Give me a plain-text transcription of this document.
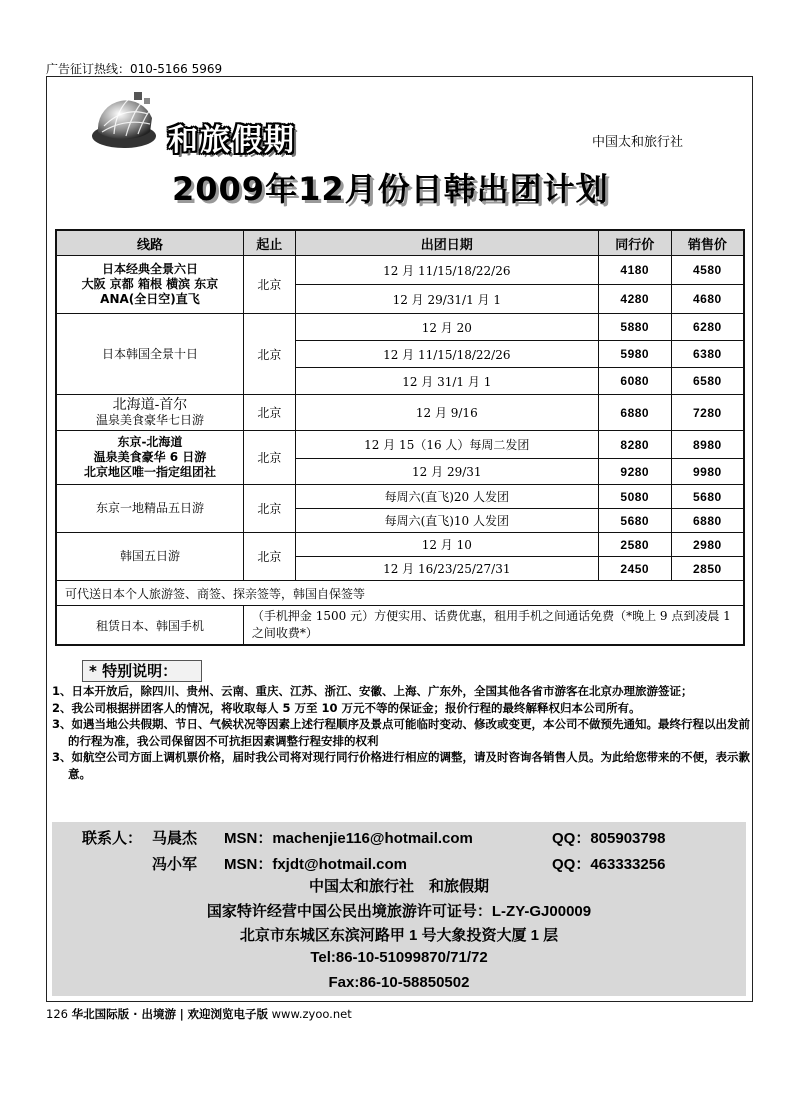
广告征订热线：010-5166 5969
和旅假期	中国太和旅行社
2009年12月份日韩出团计划
线路	起止	出团日期	同行价	销售价

日本经典全景六日
大阪 京都 箱根 横滨 东京
ANA(全日空)直飞	北京	12 月 11/15/18/22/26	4180	4580
		12 月 29/31/1 月 1	4280	4680

日本韩国全景十日	北京	12 月 20	5880	6280
		12 月 11/15/18/22/26	5980	6380
		12 月 31/1 月 1	6080	6580

北海道-首尔
温泉美食豪华七日游	北京	12 月 9/16	6880	7280

东京-北海道
温泉美食豪华 6 日游
北京地区唯一指定组团社	北京	12 月 15（16 人）每周二发团	8280	8980
		12 月 29/31	9280	9980

东京一地精品五日游	北京	每周六(直飞)20 人发团	5080	5680
		每周六(直飞)10 人发团	5680	6880

韩国五日游	北京	12 月 10	2580	2980
		12 月 16/23/25/27/31	2450	2850
可代送日本个人旅游签、商签、探亲签等，韩国自保签等				
租赁日本、韩国手机	（手机押金 1500 元）方便实用、话费优惠，租用手机之间通话免费（*晚上 9 点到凌晨 1 之间收费*）			
* 特别说明：

1、日本开放后，除四川、贵州、云南、重庆、江苏、浙江、安徽、上海、广东外，全国其他各省市游客在北京办理旅游签证；

2、我公司根据拼团客人的情况，将收取每人 5 万至 10 万元不等的保证金；报价行程的最终解释权归本公司所有。

3、如遇当地公共假期、节日、气候状况等因素上述行程顺序及景点可能临时变动、修改或变更，本公司不做预先通知。最终行程以出发前的行程为准，我公司保留因不可抗拒因素调整行程安排的权利

3、如航空公司方面上调机票价格，届时我公司将对现行同行价格进行相应的调整，请及时咨询各销售人员。为此给您带来的不便，表示歉意。

联系人： 马晨杰 MSN：machenjie116@hotmail.com	QQ：805903798
冯小军 MSN：fxjdt@hotmail.com	QQ：463333256
中国太和旅行社　和旅假期
国家特许经营中国公民出境旅游许可证号：L-ZY-GJ00009
北京市东城区东滨河路甲 1 号大象投资大厦 1 层
Tel:86-10-51099870/71/72
Fax:86-10-58850502
126 华北国际版 · 出境游 | 欢迎浏览电子版 www.zyoo.net
